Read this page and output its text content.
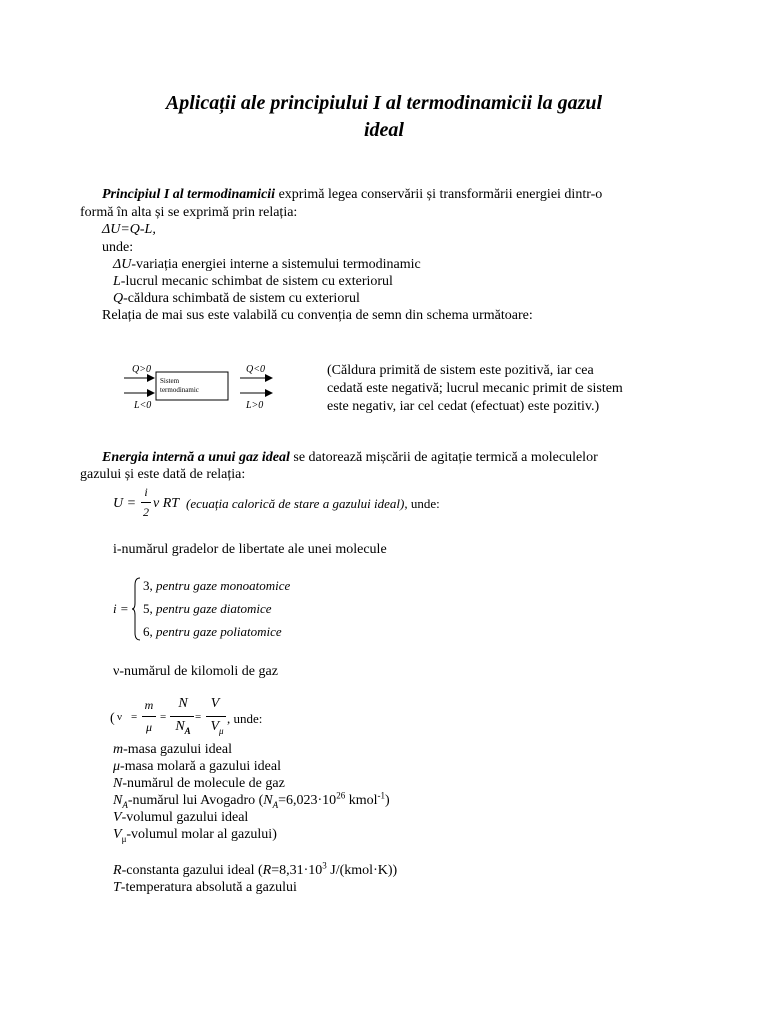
Aplicații ale principiului I al termodinamicii la gazul
ideal
Principiul I al termodinamicii exprimă legea conservării și transformării energiei dintr-o
formă în alta și se exprimă prin relația:
ΔU=Q-L,
unde:
ΔU-variația energiei interne a sistemului termodinamic
L-lucrul mecanic schimbat de sistem cu exteriorul
Q-căldura schimbată de sistem cu exteriorul
Relația de mai sus este valabilă cu convenția de semn din schema următoare:
Q>0	Q<0
Sistem
termodinamic
L<0	L>0
(Căldura primită de sistem este pozitivă, iar cea
cedată este negativă; lucrul mecanic primit de sistem
este negativ, iar cel cedat (efectuat) este pozitiv.)
Energia internă a unui gaz ideal se datorează mișcării de agitație termică a moleculelor
gazului și este dată de relația:
U =
i
2
ν RT (ecuația calorică de stare a gazului ideal), unde:
i-numărul gradelor de libertate ale unei molecule
i =
3, pentru gaze monoatomice
5, pentru gaze diatomice
6, pentru gaze poliatomice
ν-numărul de kilomoli de gaz
( ν =
m
μ
=
N
$N_A$
=
V
$V_\mu$
, unde:
m-masa gazului ideal
μ-masa molară a gazului ideal
N-numărul de molecule de gaz
$N_A$-numărul lui Avogadro ($N_A=6,023\cdot 10^{26}$ kmol$^{-1}$)
V-volumul gazului ideal
$V_\mu$-volumul molar al gazului)
R-constanta gazului ideal ($R=8,31\cdot 10^3$ J/(kmol·K))
T-temperatura absolută a gazului
